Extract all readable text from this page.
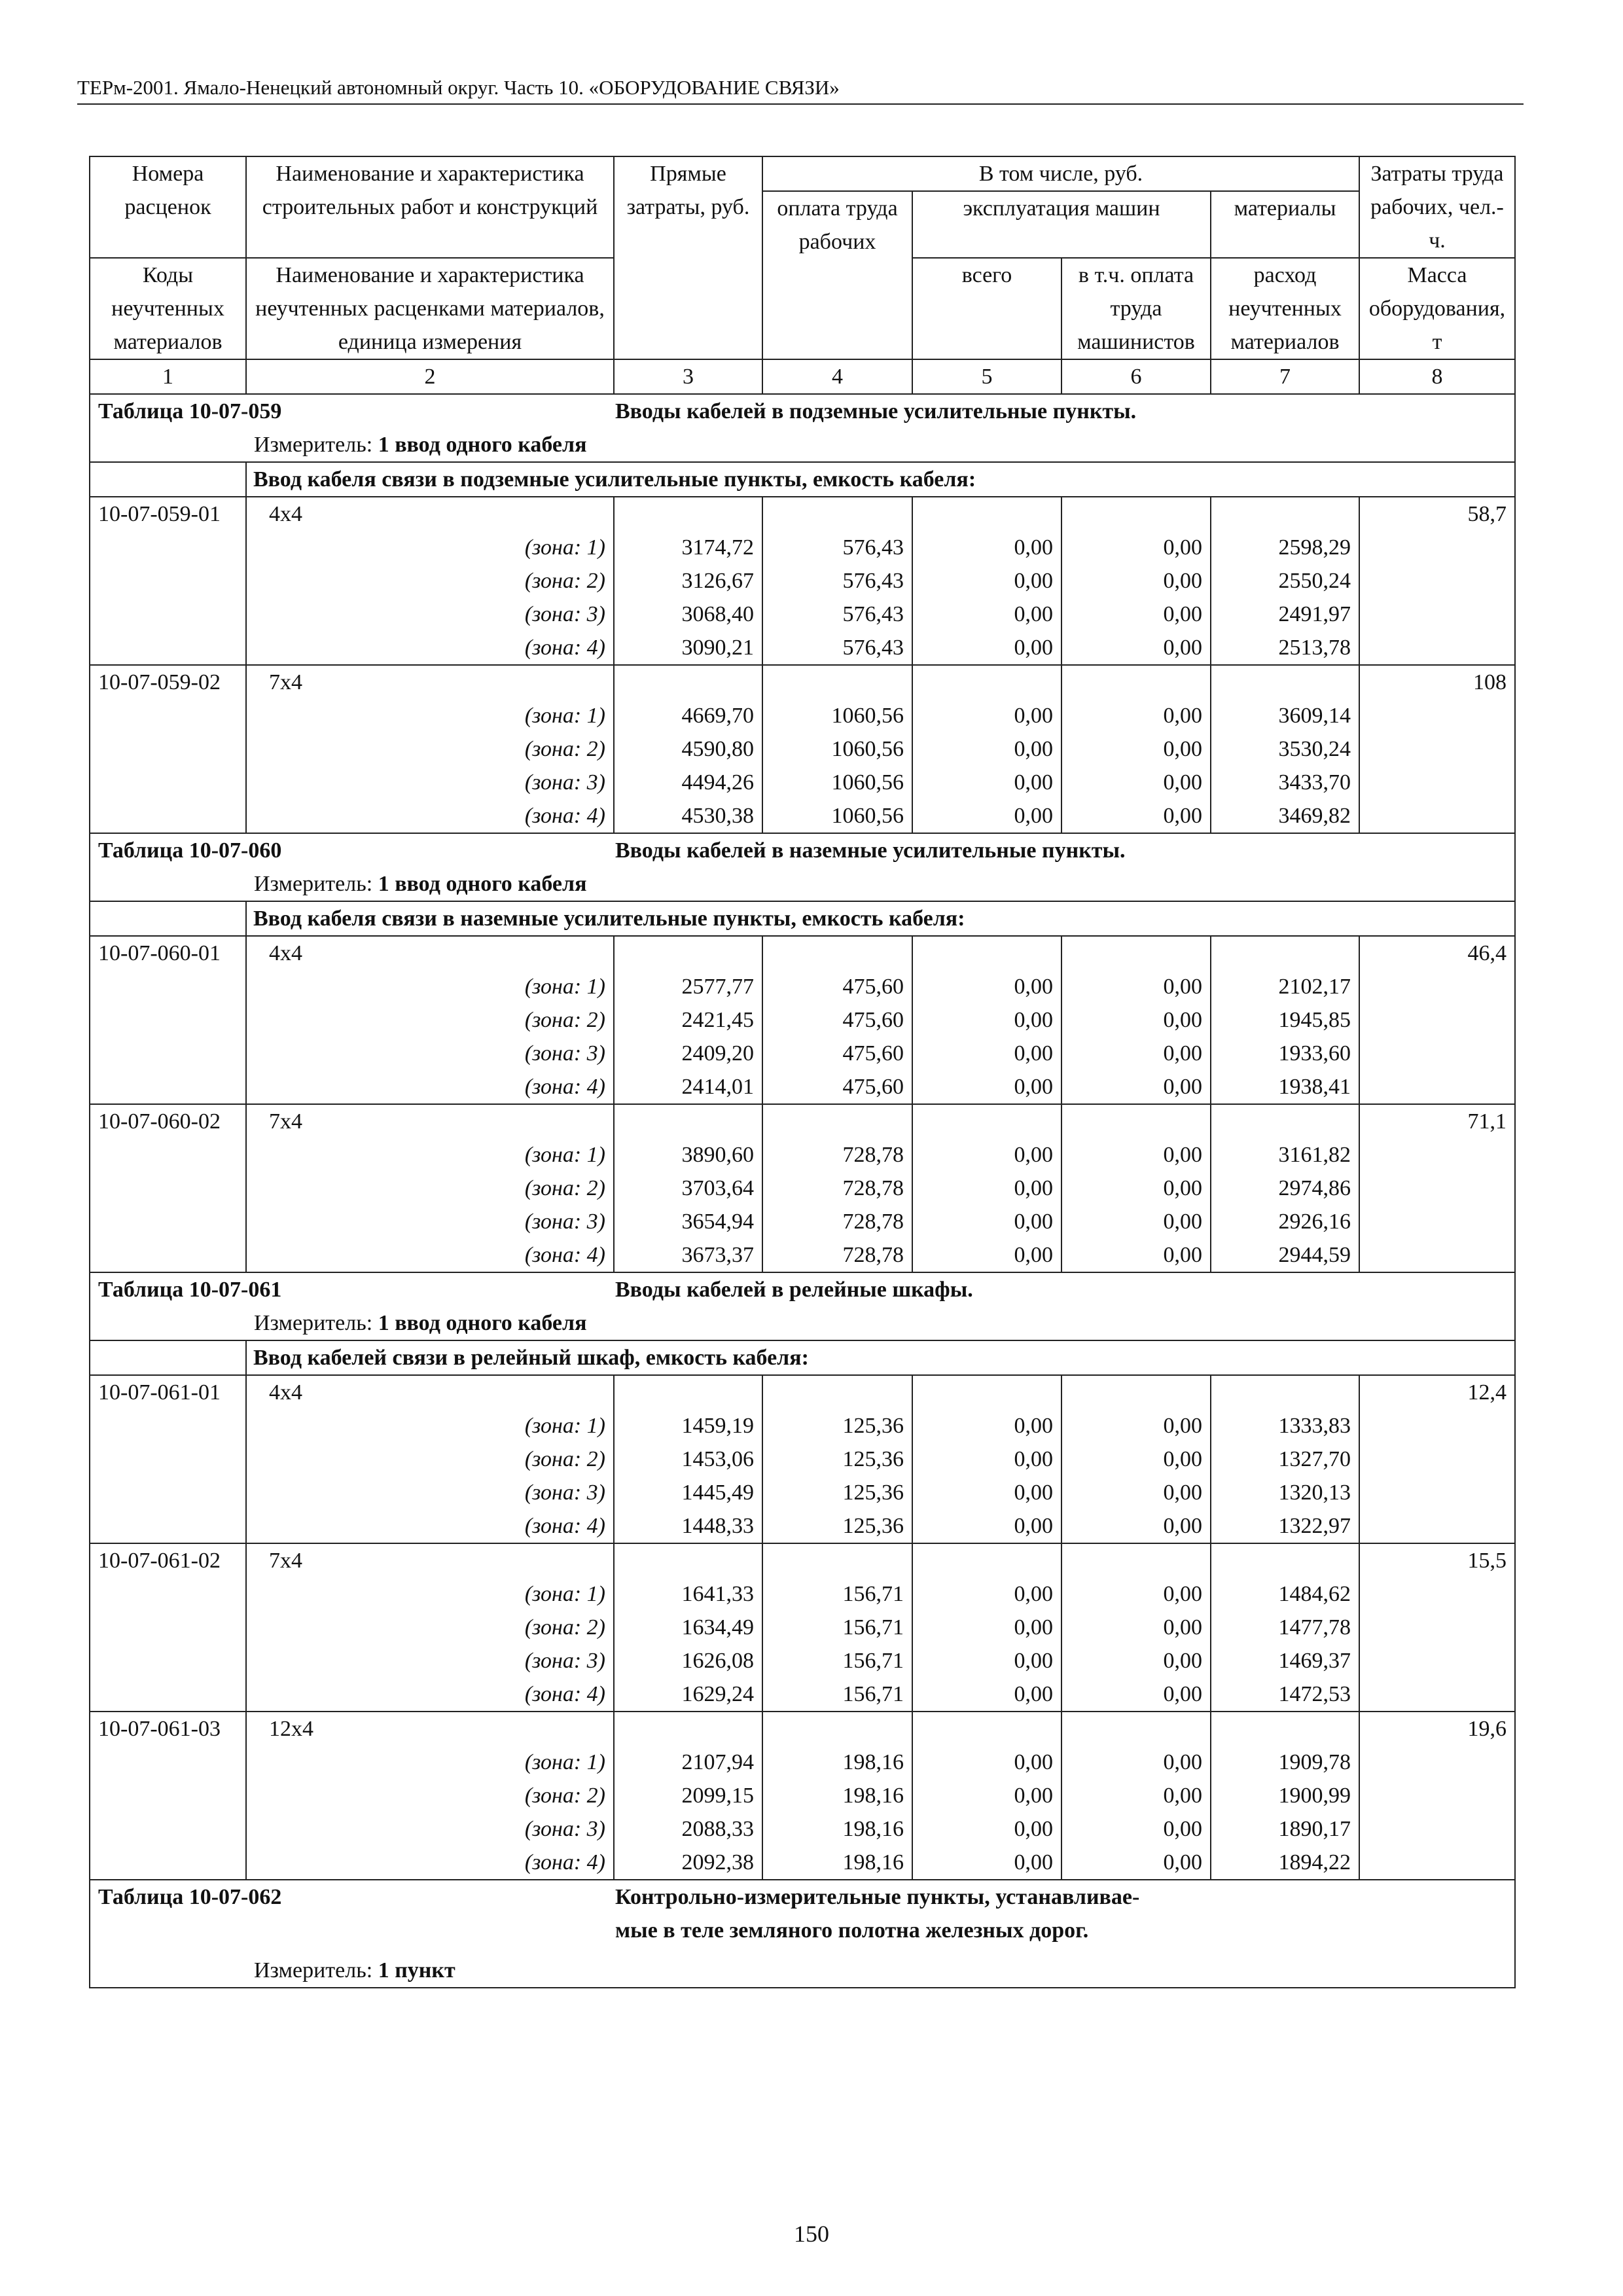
ТЕРм-2001. Ямало-Ненецкий автономный округ. Часть 10. «ОБОРУДОВАНИЕ СВЯЗИ»
Номера расценок	Наименование и характеристика строительных работ и конструкций	Прямые затраты, руб.	В том числе, руб.				Затраты труда рабочих, чел.-ч.
			оплата труда рабочих	эксплуатация машин		материалы	
Коды неучтенных материалов	Наименование и характеристика неучтенных расценками материалов, единица измерения			всего	в т.ч. оплата труда машинистов	расход неучтенных материалов	Масса оборудования, т

1	2	3	4	5	6	7	8
Таблица 10-07-059 Вводы кабелей в подземные усилительные пункты.							
Измеритель: 1 ввод одного кабеля							
	Ввод кабеля связи в подземные усилительные пункты, емкость кабеля:						
10-07-059-01	4x4						58,7
	(зона: 1)	3174,72	576,43	0,00	0,00	2598,29	
	(зона: 2)	3126,67	576,43	0,00	0,00	2550,24	
	(зона: 3)	3068,40	576,43	0,00	0,00	2491,97	
	(зона: 4)	3090,21	576,43	0,00	0,00	2513,78	
10-07-059-02	7x4						108
	(зона: 1)	4669,70	1060,56	0,00	0,00	3609,14	
	(зона: 2)	4590,80	1060,56	0,00	0,00	3530,24	
	(зона: 3)	4494,26	1060,56	0,00	0,00	3433,70	
	(зона: 4)	4530,38	1060,56	0,00	0,00	3469,82	
Таблица 10-07-060 Вводы кабелей в наземные усилительные пункты.							
Измеритель: 1 ввод одного кабеля							
	Ввод кабеля связи в наземные усилительные пункты, емкость кабеля:						
10-07-060-01	4x4						46,4
	(зона: 1)	2577,77	475,60	0,00	0,00	2102,17	
	(зона: 2)	2421,45	475,60	0,00	0,00	1945,85	
	(зона: 3)	2409,20	475,60	0,00	0,00	1933,60	
	(зона: 4)	2414,01	475,60	0,00	0,00	1938,41	
10-07-060-02	7x4						71,1
	(зона: 1)	3890,60	728,78	0,00	0,00	3161,82	
	(зона: 2)	3703,64	728,78	0,00	0,00	2974,86	
	(зона: 3)	3654,94	728,78	0,00	0,00	2926,16	
	(зона: 4)	3673,37	728,78	0,00	0,00	2944,59	
Таблица 10-07-061 Вводы кабелей в релейные шкафы.							
Измеритель: 1 ввод одного кабеля							
	Ввод кабелей связи в релейный шкаф, емкость кабеля:						
10-07-061-01	4x4						12,4
	(зона: 1)	1459,19	125,36	0,00	0,00	1333,83	
	(зона: 2)	1453,06	125,36	0,00	0,00	1327,70	
	(зона: 3)	1445,49	125,36	0,00	0,00	1320,13	
	(зона: 4)	1448,33	125,36	0,00	0,00	1322,97	
10-07-061-02	7x4						15,5
	(зона: 1)	1641,33	156,71	0,00	0,00	1484,62	
	(зона: 2)	1634,49	156,71	0,00	0,00	1477,78	
	(зона: 3)	1626,08	156,71	0,00	0,00	1469,37	
	(зона: 4)	1629,24	156,71	0,00	0,00	1472,53	
10-07-061-03	12x4						19,6
	(зона: 1)	2107,94	198,16	0,00	0,00	1909,78	
	(зона: 2)	2099,15	198,16	0,00	0,00	1900,99	
	(зона: 3)	2088,33	198,16	0,00	0,00	1890,17	
	(зона: 4)	2092,38	198,16	0,00	0,00	1894,22	
Таблица 10-07-062 Контрольно-измерительные пункты, устанавливае-
мые в теле земляного полотна железных дорог.							
Измеритель: 1 пункт							
150
